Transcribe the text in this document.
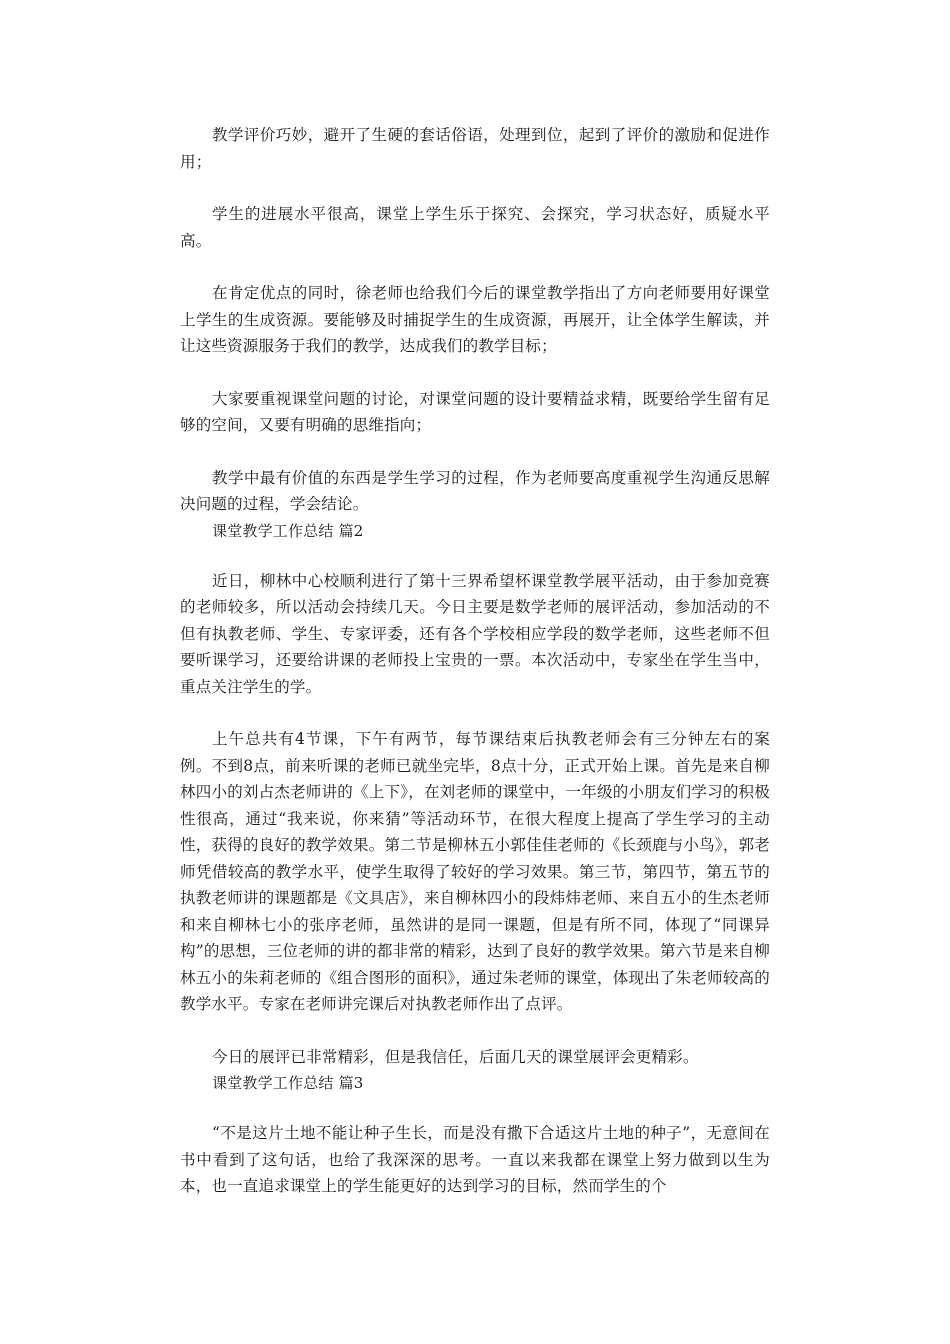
教学评价巧妙，避开了生硬的套话俗语，处理到位，起到了评价的激励和促进作用；

学生的进展水平很高，课堂上学生乐于探究、会探究，学习状态好，质疑水平高。

在肯定优点的同时，徐老师也给我们今后的课堂教学指出了方向老师要用好课堂上学生的生成资源。要能够及时捕捉学生的生成资源，再展开，让全体学生解读，并让这些资源服务于我们的教学，达成我们的教学目标；

大家要重视课堂问题的讨论，对课堂问题的设计要精益求精，既要给学生留有足够的空间，又要有明确的思维指向；

教学中最有价值的东西是学生学习的过程，作为老师要高度重视学生沟通反思解决问题的过程，学会结论。

课堂教学工作总结 篇2

近日，柳林中心校顺利进行了第十三界希望杯课堂教学展平活动，由于参加竞赛的老师较多，所以活动会持续几天。今日主要是数学老师的展评活动，参加活动的不但有执教老师、学生、专家评委，还有各个学校相应学段的数学老师，这些老师不但要听课学习，还要给讲课的老师投上宝贵的一票。本次活动中，专家坐在学生当中，重点关注学生的学。

上午总共有4节课，下午有两节，每节课结束后执教老师会有三分钟左右的案例。不到8点，前来听课的老师已就坐完毕，8点十分，正式开始上课。首先是来自柳林四小的刘占杰老师讲的《上下》，在刘老师的课堂中，一年级的小朋友们学习的积极性很高，通过“我来说，你来猜”等活动环节，在很大程度上提高了学生学习的主动性，获得的良好的教学效果。第二节是柳林五小郭佳佳老师的《长颈鹿与小鸟》，郭老师凭借较高的教学水平，使学生取得了较好的学习效果。第三节，第四节，第五节的执教老师讲的课题都是《文具店》，来自柳林四小的段炜炜老师、来自五小的生杰老师和来自柳林七小的张序老师，虽然讲的是同一课题，但是有所不同，体现了“同课异构”的思想，三位老师的讲的都非常的精彩，达到了良好的教学效果。第六节是来自柳林五小的朱莉老师的《组合图形的面积》，通过朱老师的课堂，体现出了朱老师较高的教学水平。专家在老师讲完课后对执教老师作出了点评。

今日的展评已非常精彩，但是我信任，后面几天的课堂展评会更精彩。

课堂教学工作总结 篇3

“不是这片土地不能让种子生长，而是没有撒下合适这片土地的种子”，无意间在书中看到了这句话，也给了我深深的思考。一直以来我都在课堂上努力做到以生为本，也一直追求课堂上的学生能更好的达到学习的目标，然而学生的个
